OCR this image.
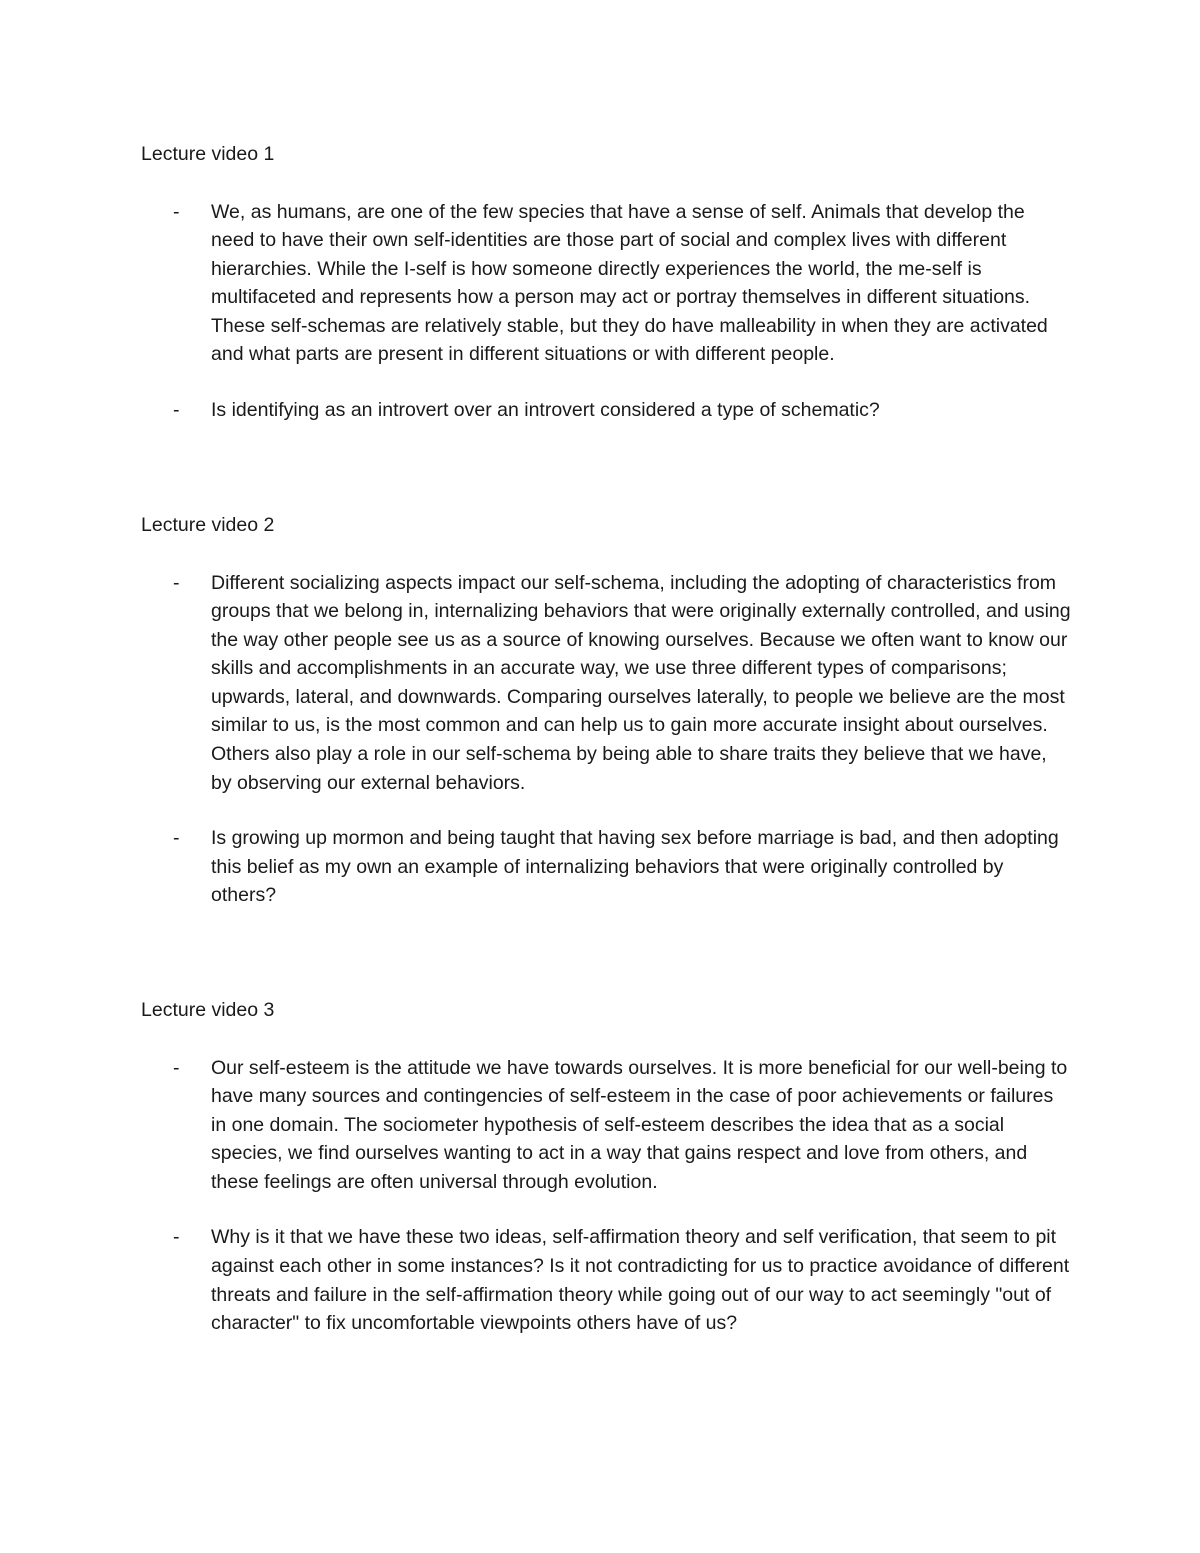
Lecture video 1

- We, as humans, are one of the few species that have a sense of self. Animals that develop the need to have their own self-identities are those part of social and complex lives with different hierarchies. While the I-self is how someone directly experiences the world, the me-self is multifaceted and represents how a person may act or portray themselves in different situations. These self-schemas are relatively stable, but they do have malleability in when they are activated and what parts are present in different situations or with different people.
- Is identifying as an introvert over an introvert considered a type of schematic?

Lecture video 2

- Different socializing aspects impact our self-schema, including the adopting of characteristics from groups that we belong in, internalizing behaviors that were originally externally controlled, and using the way other people see us as a source of knowing ourselves. Because we often want to know our skills and accomplishments in an accurate way, we use three different types of comparisons; upwards, lateral, and downwards. Comparing ourselves laterally, to people we believe are the most similar to us, is the most common and can help us to gain more accurate insight about ourselves. Others also play a role in our self-schema by being able to share traits they believe that we have, by observing our external behaviors.
- Is growing up mormon and being taught that having sex before marriage is bad, and then adopting this belief as my own an example of internalizing behaviors that were originally controlled by others?

Lecture video 3

- Our self-esteem is the attitude we have towards ourselves. It is more beneficial for our well-being to have many sources and contingencies of self-esteem in the case of poor achievements or failures in one domain. The sociometer hypothesis of self-esteem describes the idea that as a social species, we find ourselves wanting to act in a way that gains respect and love from others, and these feelings are often universal through evolution.
- Why is it that we have these two ideas, self-affirmation theory and self verification, that seem to pit against each other in some instances? Is it not contradicting for us to practice avoidance of different threats and failure in the self-affirmation theory while going out of our way to act seemingly "out of character" to fix uncomfortable viewpoints others have of us?
